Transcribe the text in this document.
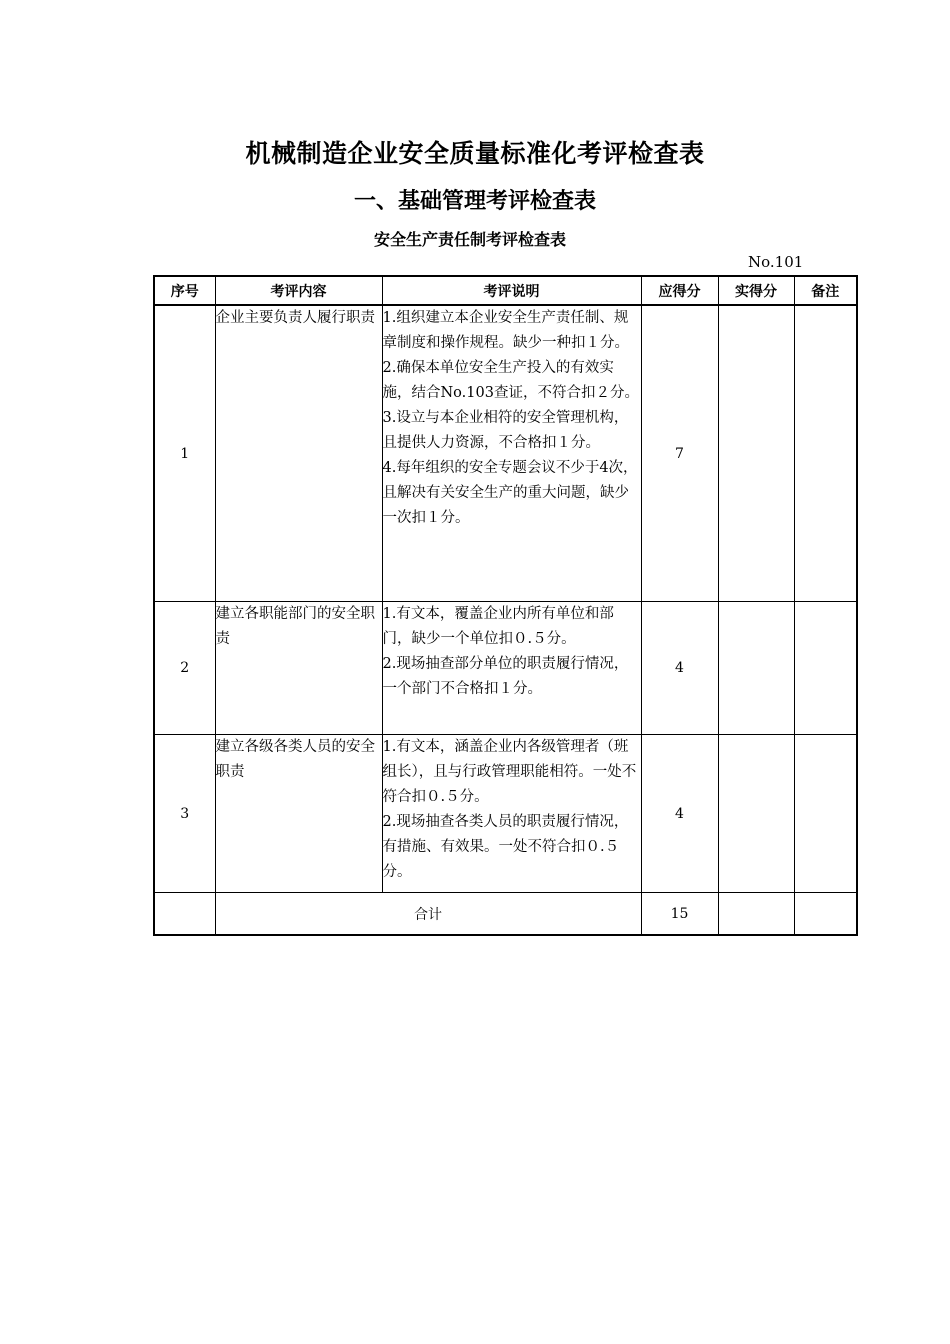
机械制造企业安全质量标准化考评检查表
一、基础管理考评检查表
安全生产责任制考评检查表
No.101
序号	考评内容	考评说明	应得分	实得分	备注
1	企业主要负责人履行职责	1.组织建立本企业安全生产责任制、规章制度和操作规程。缺少一种扣１分。

2.确保本单位安全生产投入的有效实施，结合No.103查证，不符合扣２分。

3.设立与本企业相符的安全管理机构，且提供人力资源，不合格扣１分。

4.每年组织的安全专题会议不少于4次，且解决有关安全生产的重大问题，缺少一次扣１分。	7		
2	建立各职能部门的安全职责	1.有文本，覆盖企业内所有单位和部门，缺少一个单位扣０.５分。

2.现场抽查部分单位的职责履行情况，一个部门不合格扣１分。	4		
3	建立各级各类人员的安全职责	1.有文本，涵盖企业内各级管理者（班组长），且与行政管理职能相符。一处不符合扣０.５分。

2.现场抽查各类人员的职责履行情况，有措施、有效果。一处不符合扣０.５分。	4		
	合计		15		
